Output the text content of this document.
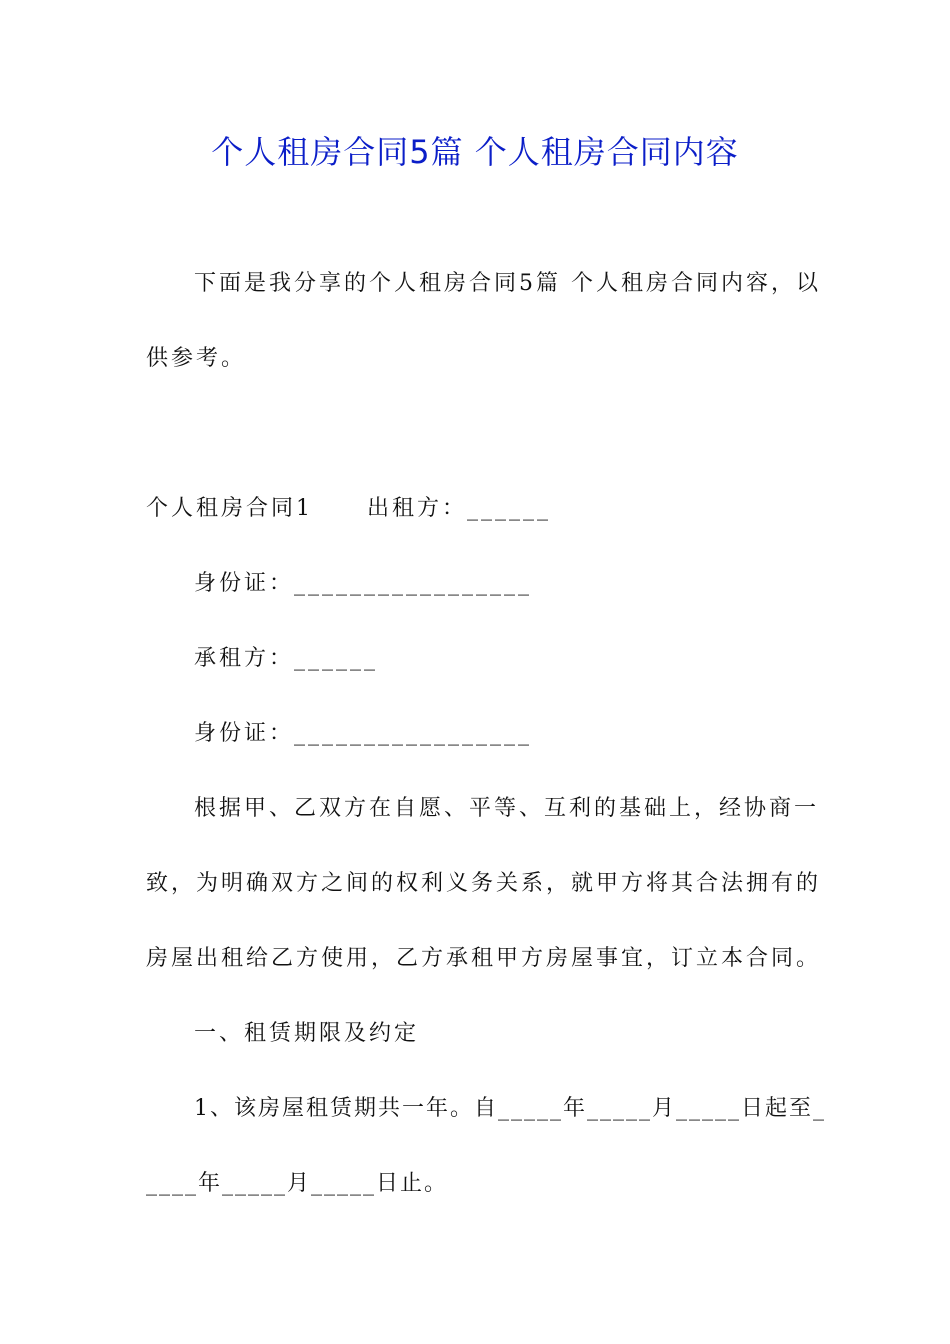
个人租房合同5篇 个人租房合同内容
下面是我分享的个人租房合同5篇 个人租房合同内容，以
供参考。
个人租房合同1 出租方：______
身份证：_________________
承租方：______
身份证：_________________
根据甲、乙双方在自愿、平等、互利的基础上，经协商一
致，为明确双方之间的权利义务关系，就甲方将其合法拥有的
房屋出租给乙方使用，乙方承租甲方房屋事宜，订立本合同。
一、租赁期限及约定
1、该房屋租赁期共一年。自_____年_____月_____日起至_
____年_____月_____日止。
